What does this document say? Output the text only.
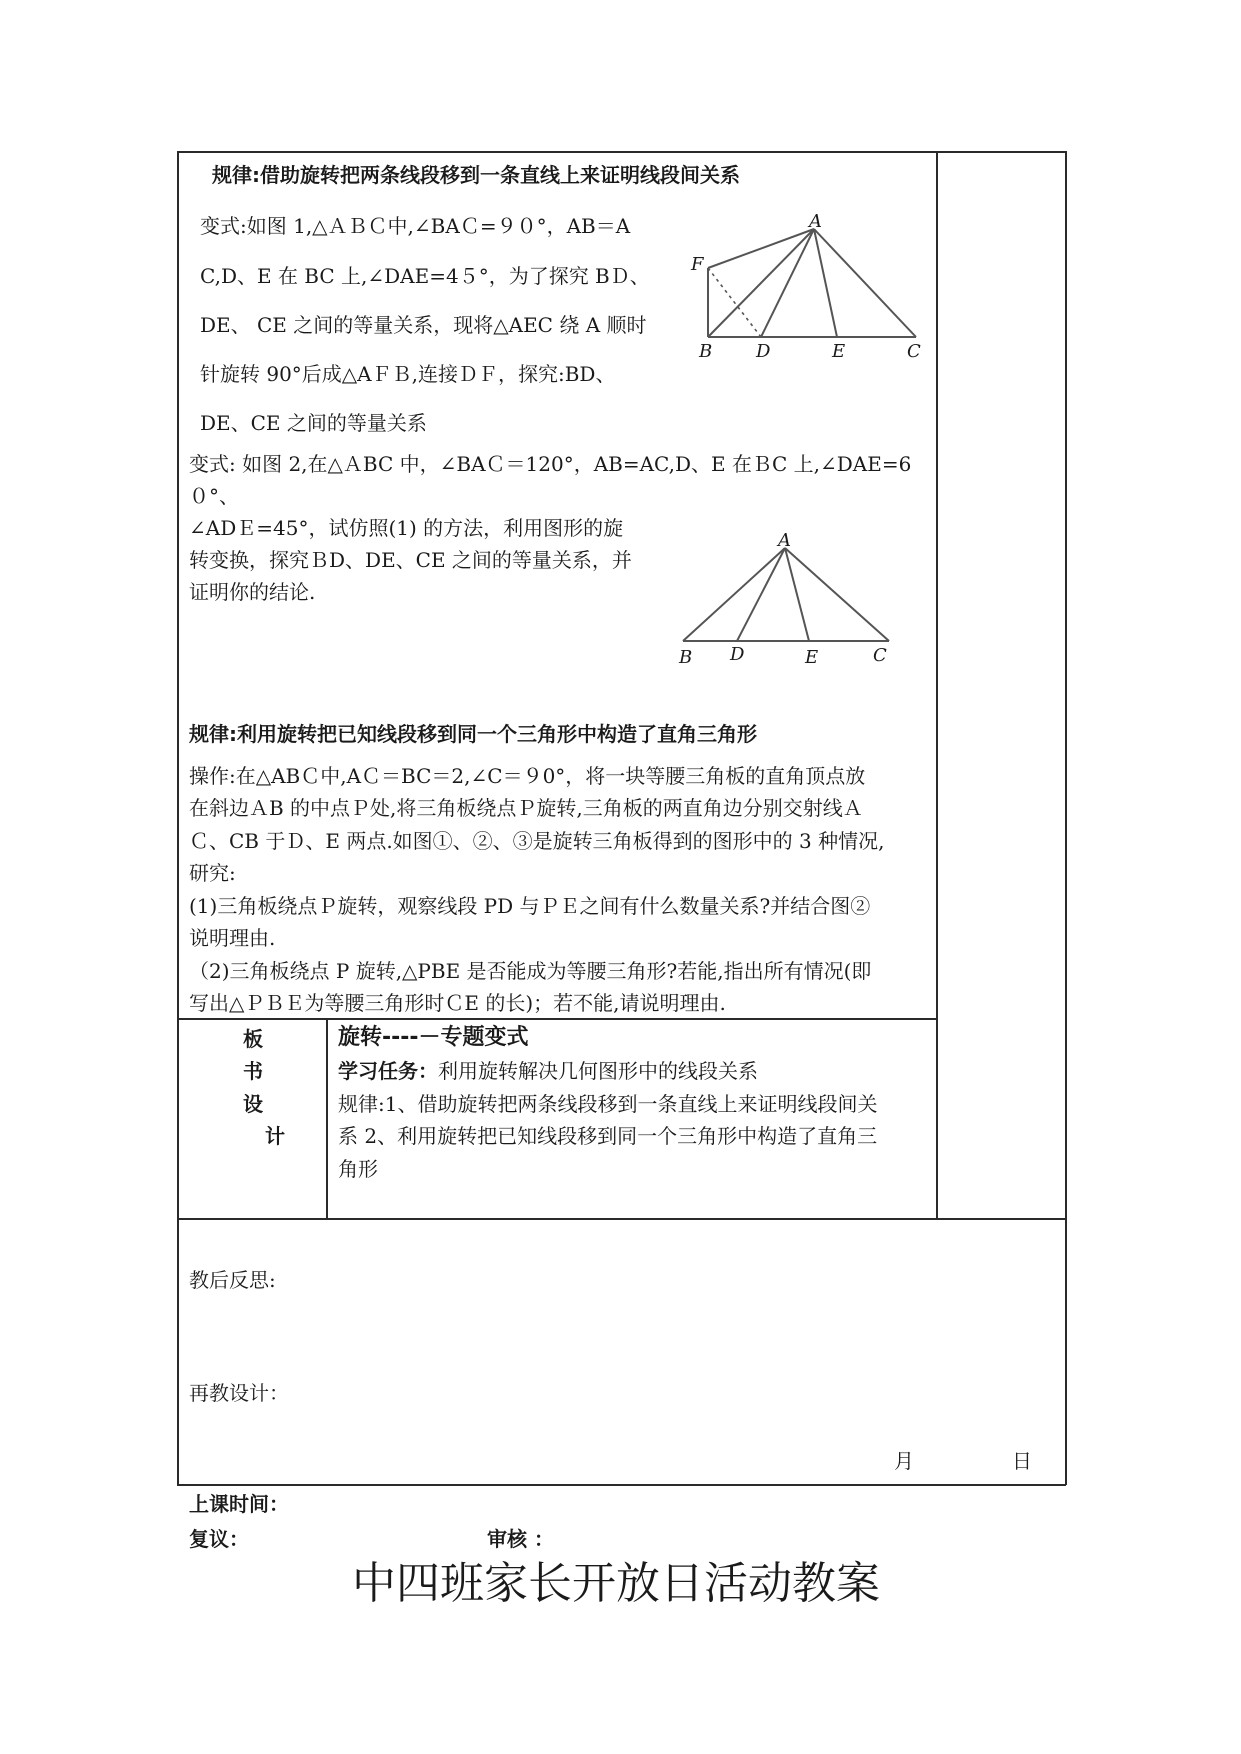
规律:借助旋转把两条线段移到一条直线上来证明线段间关系
变式:如图 1,△ＡＢＣ中,∠BAＣ=９０°，AB＝A
C,D、E 在 BC 上,∠DAE=4５°，为了探究 BＤ、
DE、 CE 之间的等量关系，现将△AEC 绕 A 顺时
针旋转 90°后成△AＦＢ,连接ＤＦ，探究:BD、
DE、CE 之间的等量关系
A
F
B D	E	C
变式: 如图 2,在△ＡBC 中，∠BAＣ＝120°，AB=AC,D、E 在ＢC 上,∠DAE=6
０°、
∠ADＥ=45°，试仿照(1) 的方法，利用图形的旋
转变换，探究ＢD、DE、CE 之间的等量关系，并
证明你的结论.
A
B D	E	C
规律:利用旋转把已知线段移到同一个三角形中构造了直角三角形
操作:在△ABＣ中,AＣ＝BC＝2,∠C＝９0°，将一块等腰三角板的直角顶点放
在斜边ＡB 的中点Ｐ处,将三角板绕点Ｐ旋转,三角板的两直角边分别交射线Ａ
Ｃ、CB 于Ｄ、E 两点.如图①、②、③是旋转三角板得到的图形中的 3 种情况,
研究:
(1)三角板绕点Ｐ旋转，观察线段 PD 与ＰＥ之间有什么数量关系?并结合图②
说明理由.
（2)三角板绕点 P 旋转,△PBE 是否能成为等腰三角形?若能,指出所有情况(即
写出△ＰＢＥ为等腰三角形时ＣE 的长)；若不能,请说明理由.
板
书
设
计
旋转----－专题变式
学习任务：利用旋转解决几何图形中的线段关系
规律:1、借助旋转把两条线段移到一条直线上来证明线段间关
系 2、利用旋转把已知线段移到同一个三角形中构造了直角三
角形
教后反思:
再教设计：
月	日
上课时间：
复议：	审核 ：
中四班家长开放日活动教案
